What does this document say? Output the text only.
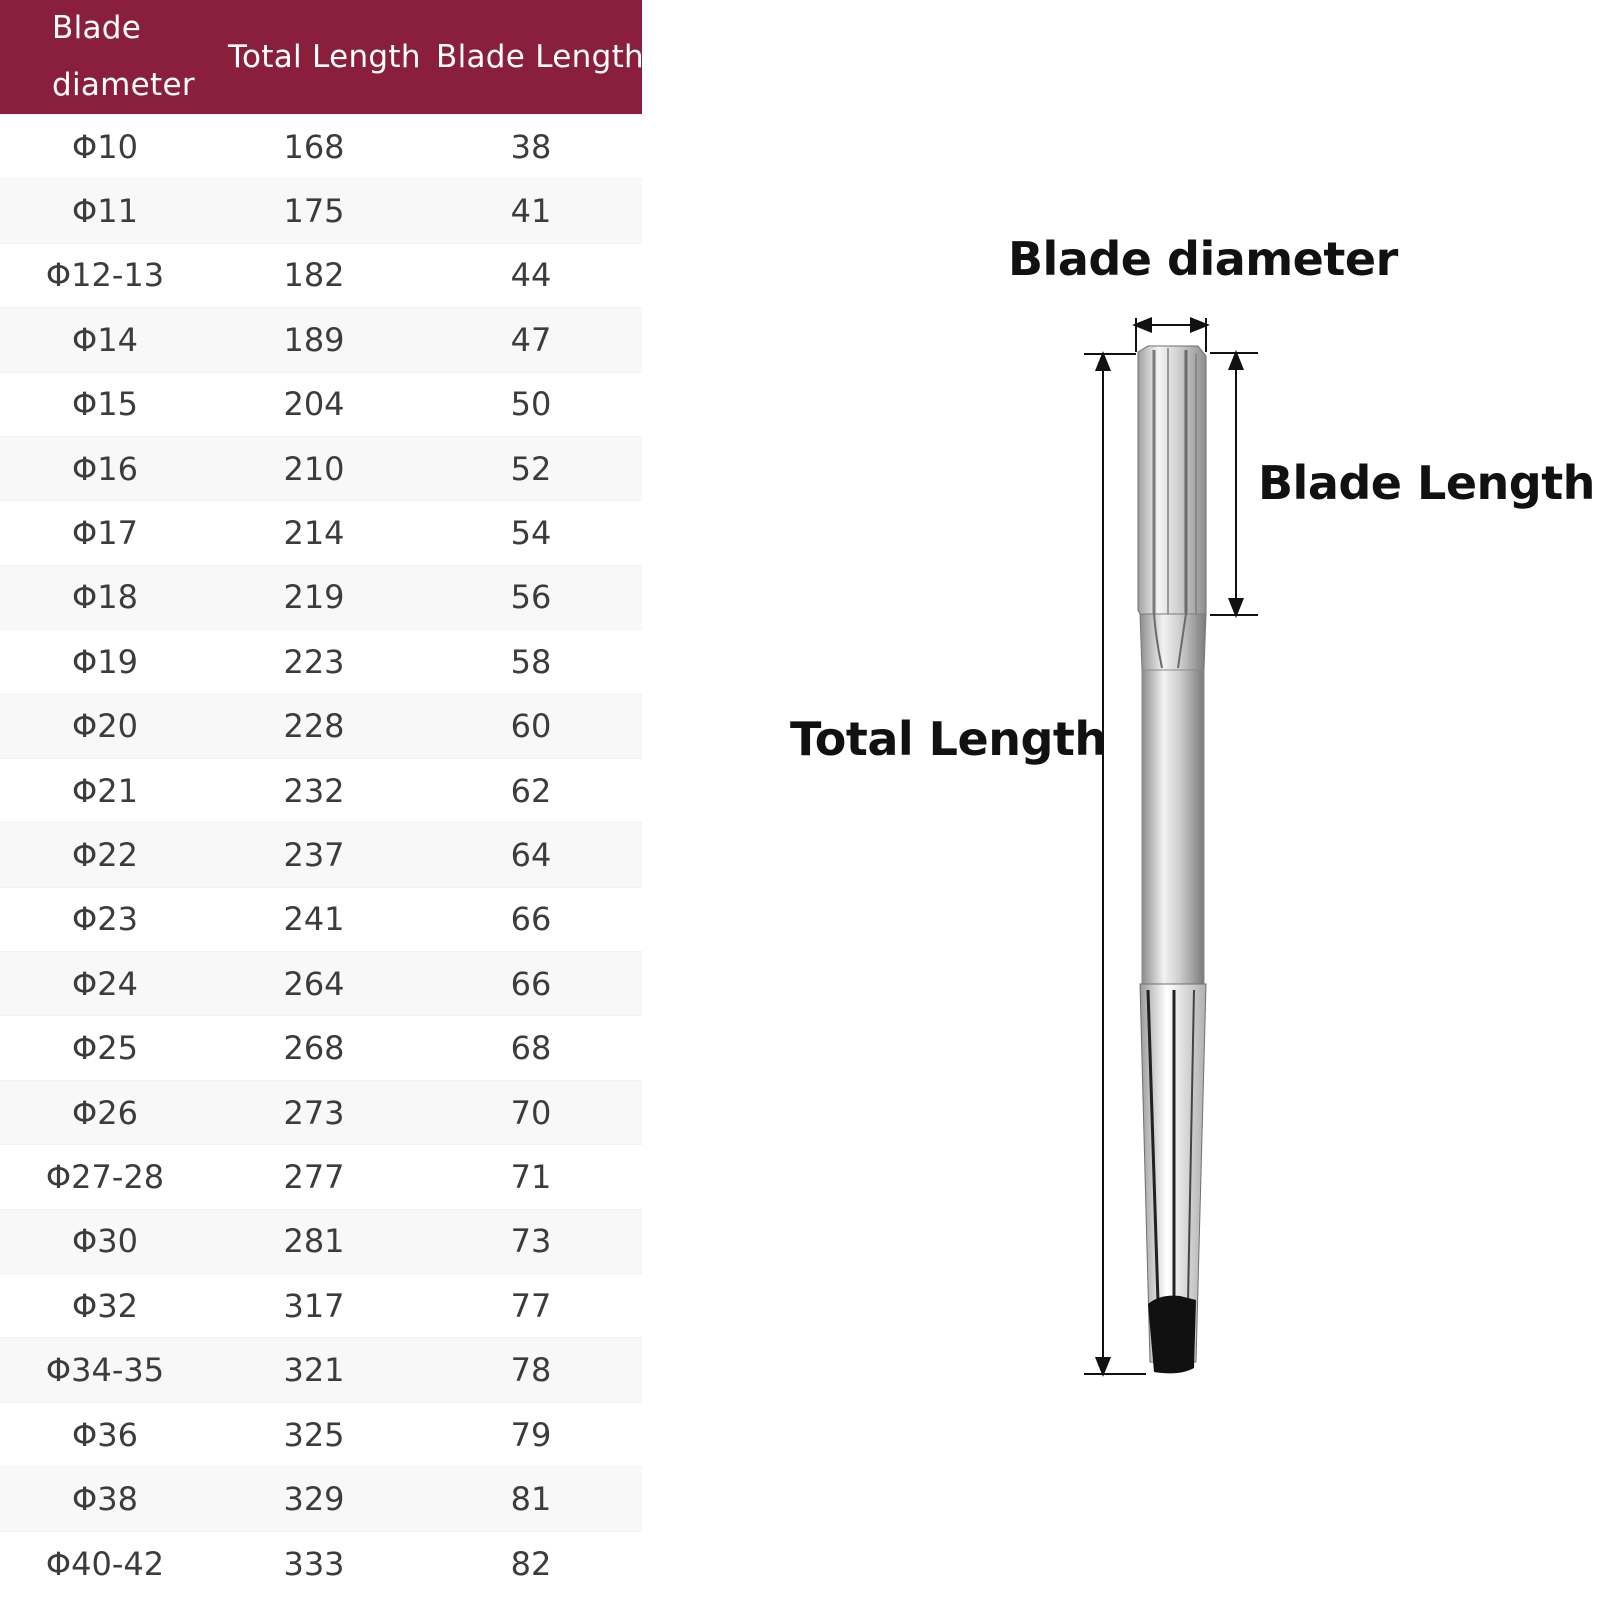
Blade diameter	Total Length	Blade Length
Φ10	168	38
Φ11	175	41
Φ12-13	182	44
Φ14	189	47
Φ15	204	50
Φ16	210	52
Φ17	214	54
Φ18	219	56
Φ19	223	58
Φ20	228	60
Φ21	232	62
Φ22	237	64
Φ23	241	66
Φ24	264	66
Φ25	268	68
Φ26	273	70
Φ27-28	277	71
Φ30	281	73
Φ32	317	77
Φ34-35	321	78
Φ36	325	79
Φ38	329	81
Φ40-42	333	82
Blade diameter
Blade Length
Total Length
